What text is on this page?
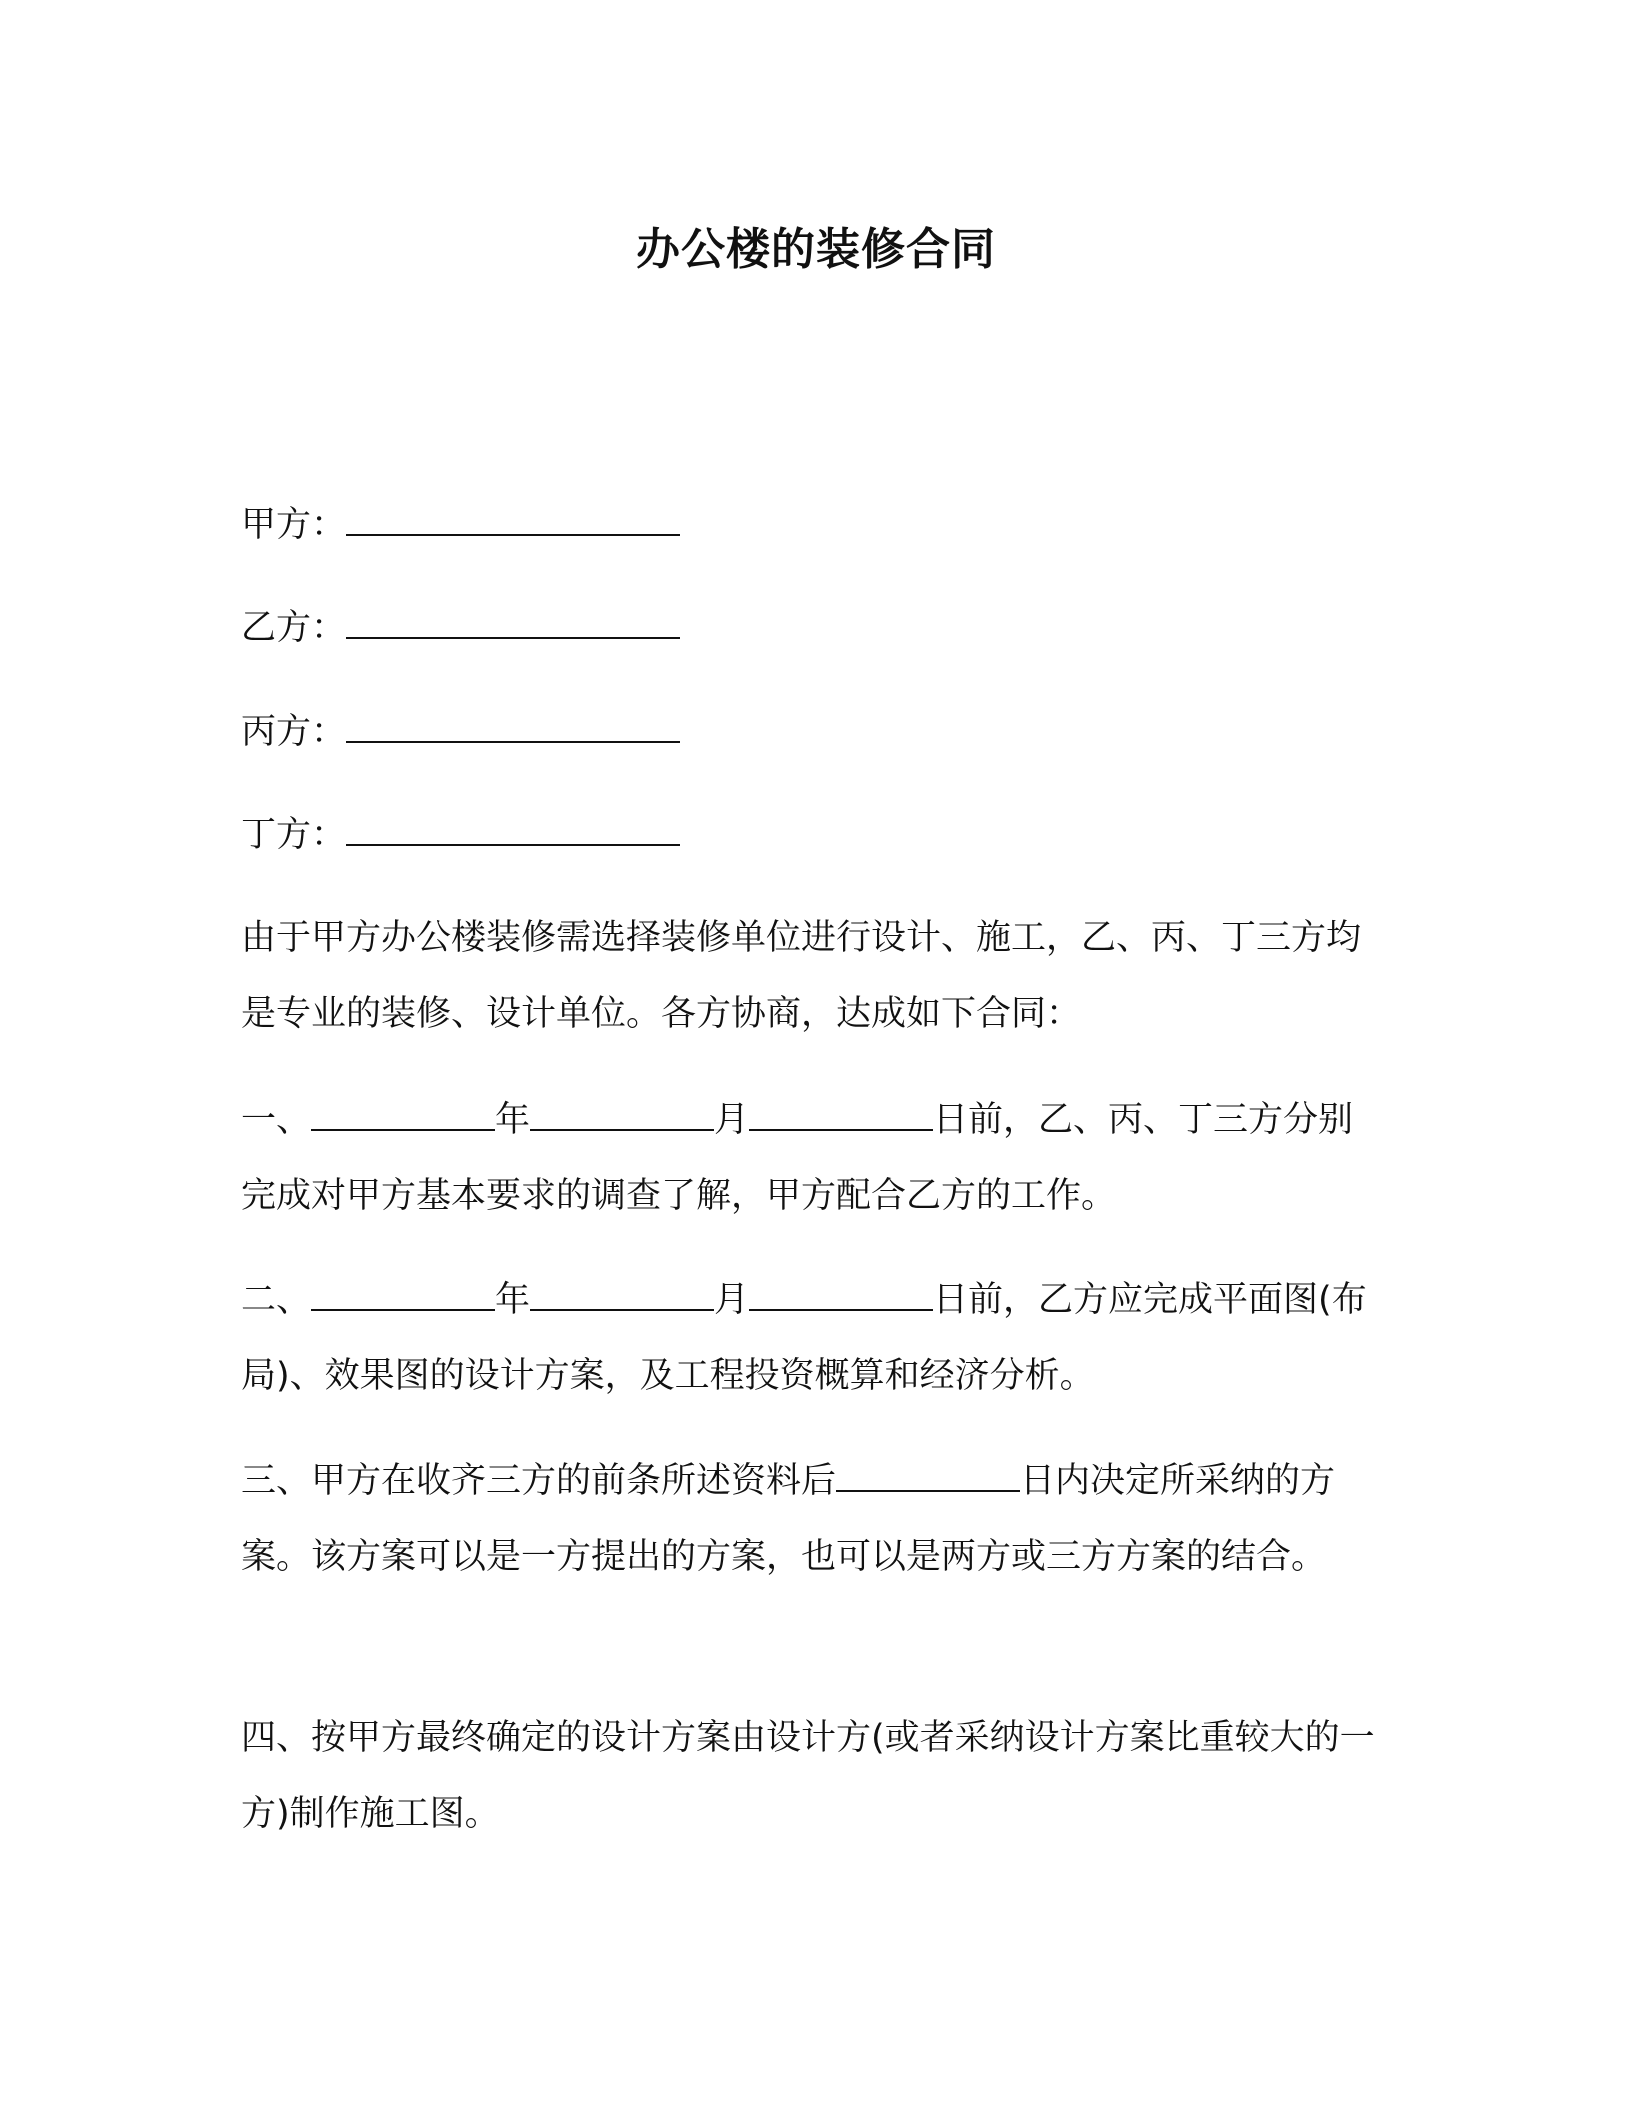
办公楼的装修合同
甲方：
乙方：
丙方：
丁方：

由于甲方办公楼装修需选择装修单位进行设计、施工，乙、丙、丁三方均是专业的装修、设计单位。各方协商，达成如下合同：

一、	年	月	日前，乙、丙、丁三方分别完成对甲方基本要求的调查了解，甲方配合乙方的工作。

二、	年	月	日前，乙方应完成平面图(布局)、效果图的设计方案，及工程投资概算和经济分析。

三、甲方在收齐三方的前条所述资料后	日内决定所采纳的方案。该方案可以是一方提出的方案，也可以是两方或三方方案的结合。

四、按甲方最终确定的设计方案由设计方(或者采纳设计方案比重较大的一方)制作施工图。
